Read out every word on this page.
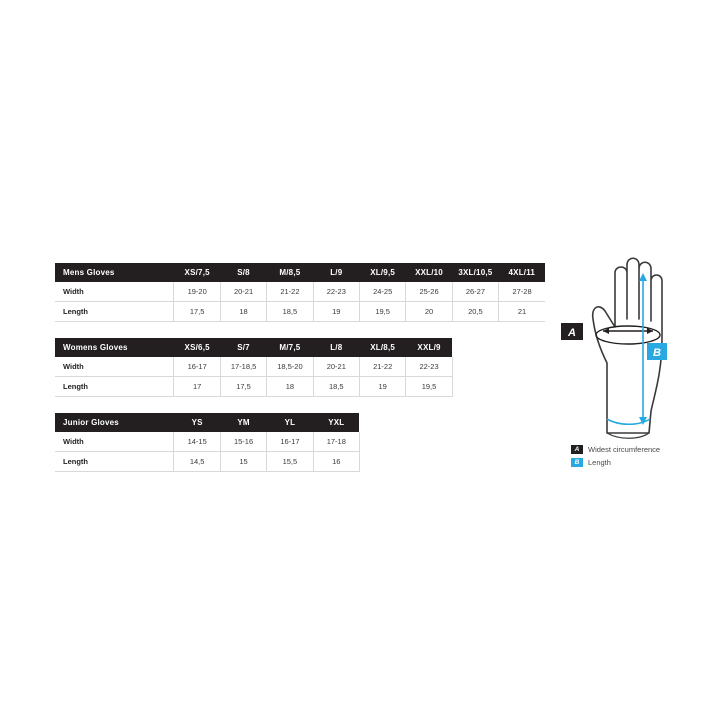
Mens Gloves	XS/7,5	S/8	M/8,5	L/9	XL/9,5	XXL/10	3XL/10,5	4XL/11
Width	19-20	20-21	21-22	22-23	24-25	25-26	26-27	27-28
Length	17,5	18	18,5	19	19,5	20	20,5	21
Womens Gloves	XS/6,5	S/7	M/7,5	L/8	XL/8,5	XXL/9	
Width	16-17	17-18,5	18,5-20	20-21	21-22	22-23	
Length	17	17,5	18	18,5	19	19,5	
Junior Gloves	YS	YM	YL	YXL	
Width	14-15	15-16	16-17	17-18	
Length	14,5	15	15,5	16	
A
B
A	Widest circumference
B	Length
